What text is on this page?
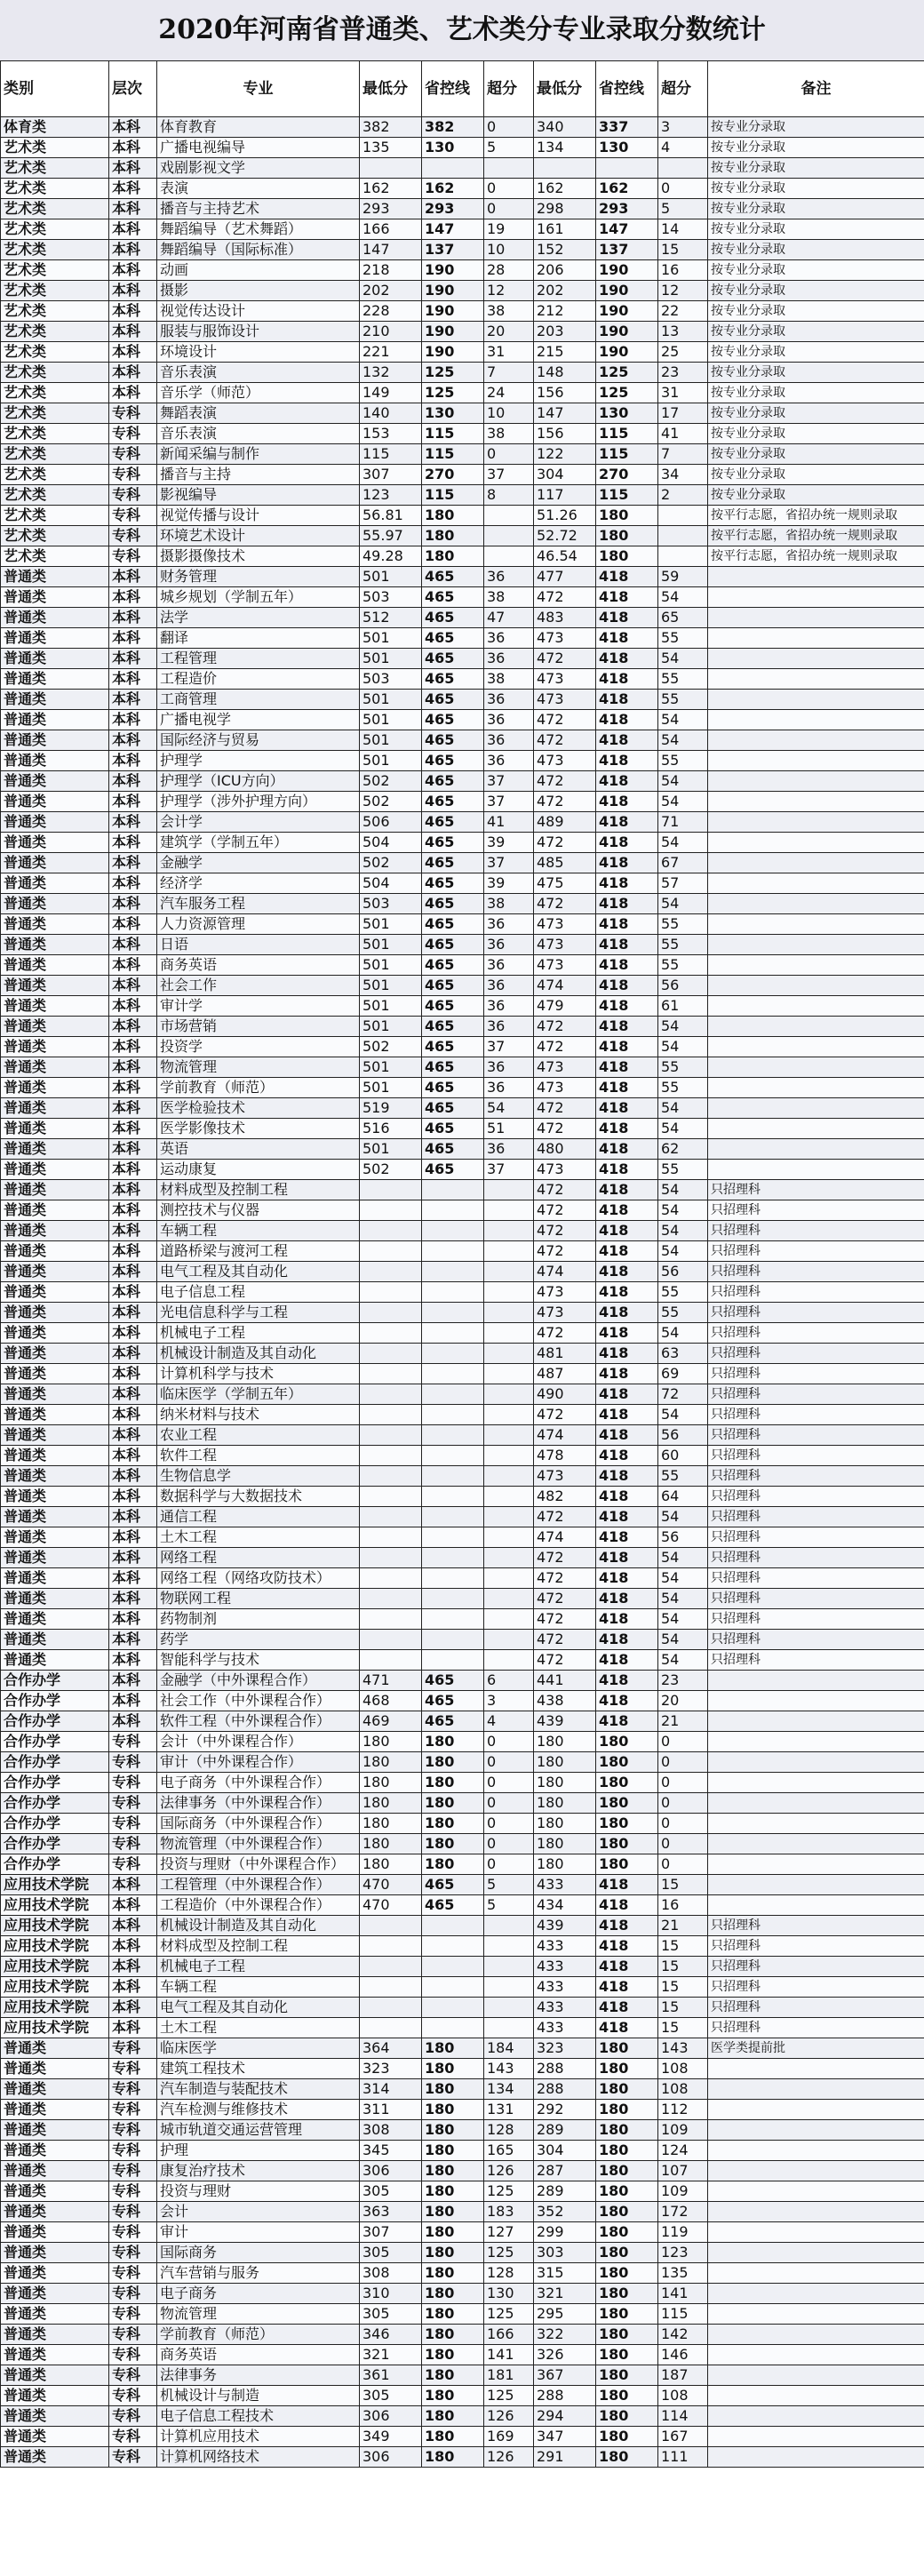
2020年河南省普通类、艺术类分专业录取分数统计
类别	层次	专业	最低分	省控线	超分	最低分	省控线	超分	备注
体育类	本科	体育教育	382	382	0	340	337	3	按专业分录取
艺术类	本科	广播电视编导	135	130	5	134	130	4	按专业分录取
艺术类	本科	戏剧影视文学							按专业分录取
艺术类	本科	表演	162	162	0	162	162	0	按专业分录取
艺术类	本科	播音与主持艺术	293	293	0	298	293	5	按专业分录取
艺术类	本科	舞蹈编导（艺术舞蹈）	166	147	19	161	147	14	按专业分录取
艺术类	本科	舞蹈编导（国际标准）	147	137	10	152	137	15	按专业分录取
艺术类	本科	动画	218	190	28	206	190	16	按专业分录取
艺术类	本科	摄影	202	190	12	202	190	12	按专业分录取
艺术类	本科	视觉传达设计	228	190	38	212	190	22	按专业分录取
艺术类	本科	服装与服饰设计	210	190	20	203	190	13	按专业分录取
艺术类	本科	环境设计	221	190	31	215	190	25	按专业分录取
艺术类	本科	音乐表演	132	125	7	148	125	23	按专业分录取
艺术类	本科	音乐学（师范）	149	125	24	156	125	31	按专业分录取
艺术类	专科	舞蹈表演	140	130	10	147	130	17	按专业分录取
艺术类	专科	音乐表演	153	115	38	156	115	41	按专业分录取
艺术类	专科	新闻采编与制作	115	115	0	122	115	7	按专业分录取
艺术类	专科	播音与主持	307	270	37	304	270	34	按专业分录取
艺术类	专科	影视编导	123	115	8	117	115	2	按专业分录取
艺术类	专科	视觉传播与设计	56.81	180		51.26	180		按平行志愿，省招办统一规则录取
艺术类	专科	环境艺术设计	55.97	180		52.72	180		按平行志愿，省招办统一规则录取
艺术类	专科	摄影摄像技术	49.28	180		46.54	180		按平行志愿，省招办统一规则录取
普通类	本科	财务管理	501	465	36	477	418	59	
普通类	本科	城乡规划（学制五年）	503	465	38	472	418	54	
普通类	本科	法学	512	465	47	483	418	65	
普通类	本科	翻译	501	465	36	473	418	55	
普通类	本科	工程管理	501	465	36	472	418	54	
普通类	本科	工程造价	503	465	38	473	418	55	
普通类	本科	工商管理	501	465	36	473	418	55	
普通类	本科	广播电视学	501	465	36	472	418	54	
普通类	本科	国际经济与贸易	501	465	36	472	418	54	
普通类	本科	护理学	501	465	36	473	418	55	
普通类	本科	护理学（ICU方向）	502	465	37	472	418	54	
普通类	本科	护理学（涉外护理方向）	502	465	37	472	418	54	
普通类	本科	会计学	506	465	41	489	418	71	
普通类	本科	建筑学（学制五年）	504	465	39	472	418	54	
普通类	本科	金融学	502	465	37	485	418	67	
普通类	本科	经济学	504	465	39	475	418	57	
普通类	本科	汽车服务工程	503	465	38	472	418	54	
普通类	本科	人力资源管理	501	465	36	473	418	55	
普通类	本科	日语	501	465	36	473	418	55	
普通类	本科	商务英语	501	465	36	473	418	55	
普通类	本科	社会工作	501	465	36	474	418	56	
普通类	本科	审计学	501	465	36	479	418	61	
普通类	本科	市场营销	501	465	36	472	418	54	
普通类	本科	投资学	502	465	37	472	418	54	
普通类	本科	物流管理	501	465	36	473	418	55	
普通类	本科	学前教育（师范）	501	465	36	473	418	55	
普通类	本科	医学检验技术	519	465	54	472	418	54	
普通类	本科	医学影像技术	516	465	51	472	418	54	
普通类	本科	英语	501	465	36	480	418	62	
普通类	本科	运动康复	502	465	37	473	418	55	
普通类	本科	材料成型及控制工程				472	418	54	只招理科
普通类	本科	测控技术与仪器				472	418	54	只招理科
普通类	本科	车辆工程				472	418	54	只招理科
普通类	本科	道路桥梁与渡河工程				472	418	54	只招理科
普通类	本科	电气工程及其自动化				474	418	56	只招理科
普通类	本科	电子信息工程				473	418	55	只招理科
普通类	本科	光电信息科学与工程				473	418	55	只招理科
普通类	本科	机械电子工程				472	418	54	只招理科
普通类	本科	机械设计制造及其自动化				481	418	63	只招理科
普通类	本科	计算机科学与技术				487	418	69	只招理科
普通类	本科	临床医学（学制五年）				490	418	72	只招理科
普通类	本科	纳米材料与技术				472	418	54	只招理科
普通类	本科	农业工程				474	418	56	只招理科
普通类	本科	软件工程				478	418	60	只招理科
普通类	本科	生物信息学				473	418	55	只招理科
普通类	本科	数据科学与大数据技术				482	418	64	只招理科
普通类	本科	通信工程				472	418	54	只招理科
普通类	本科	土木工程				474	418	56	只招理科
普通类	本科	网络工程				472	418	54	只招理科
普通类	本科	网络工程（网络攻防技术）				472	418	54	只招理科
普通类	本科	物联网工程				472	418	54	只招理科
普通类	本科	药物制剂				472	418	54	只招理科
普通类	本科	药学				472	418	54	只招理科
普通类	本科	智能科学与技术				472	418	54	只招理科
合作办学	本科	金融学（中外课程合作）	471	465	6	441	418	23	
合作办学	本科	社会工作（中外课程合作）	468	465	3	438	418	20	
合作办学	本科	软件工程（中外课程合作）	469	465	4	439	418	21	
合作办学	专科	会计（中外课程合作）	180	180	0	180	180	0	
合作办学	专科	审计（中外课程合作）	180	180	0	180	180	0	
合作办学	专科	电子商务（中外课程合作）	180	180	0	180	180	0	
合作办学	专科	法律事务（中外课程合作）	180	180	0	180	180	0	
合作办学	专科	国际商务（中外课程合作）	180	180	0	180	180	0	
合作办学	专科	物流管理（中外课程合作）	180	180	0	180	180	0	
合作办学	专科	投资与理财（中外课程合作）	180	180	0	180	180	0	
应用技术学院	本科	工程管理（中外课程合作）	470	465	5	433	418	15	
应用技术学院	本科	工程造价（中外课程合作）	470	465	5	434	418	16	
应用技术学院	本科	机械设计制造及其自动化				439	418	21	只招理科
应用技术学院	本科	材料成型及控制工程				433	418	15	只招理科
应用技术学院	本科	机械电子工程				433	418	15	只招理科
应用技术学院	本科	车辆工程				433	418	15	只招理科
应用技术学院	本科	电气工程及其自动化				433	418	15	只招理科
应用技术学院	本科	土木工程				433	418	15	只招理科
普通类	专科	临床医学	364	180	184	323	180	143	医学类提前批
普通类	专科	建筑工程技术	323	180	143	288	180	108	
普通类	专科	汽车制造与装配技术	314	180	134	288	180	108	
普通类	专科	汽车检测与维修技术	311	180	131	292	180	112	
普通类	专科	城市轨道交通运营管理	308	180	128	289	180	109	
普通类	专科	护理	345	180	165	304	180	124	
普通类	专科	康复治疗技术	306	180	126	287	180	107	
普通类	专科	投资与理财	305	180	125	289	180	109	
普通类	专科	会计	363	180	183	352	180	172	
普通类	专科	审计	307	180	127	299	180	119	
普通类	专科	国际商务	305	180	125	303	180	123	
普通类	专科	汽车营销与服务	308	180	128	315	180	135	
普通类	专科	电子商务	310	180	130	321	180	141	
普通类	专科	物流管理	305	180	125	295	180	115	
普通类	专科	学前教育（师范）	346	180	166	322	180	142	
普通类	专科	商务英语	321	180	141	326	180	146	
普通类	专科	法律事务	361	180	181	367	180	187	
普通类	专科	机械设计与制造	305	180	125	288	180	108	
普通类	专科	电子信息工程技术	306	180	126	294	180	114	
普通类	专科	计算机应用技术	349	180	169	347	180	167	
普通类	专科	计算机网络技术	306	180	126	291	180	111	
